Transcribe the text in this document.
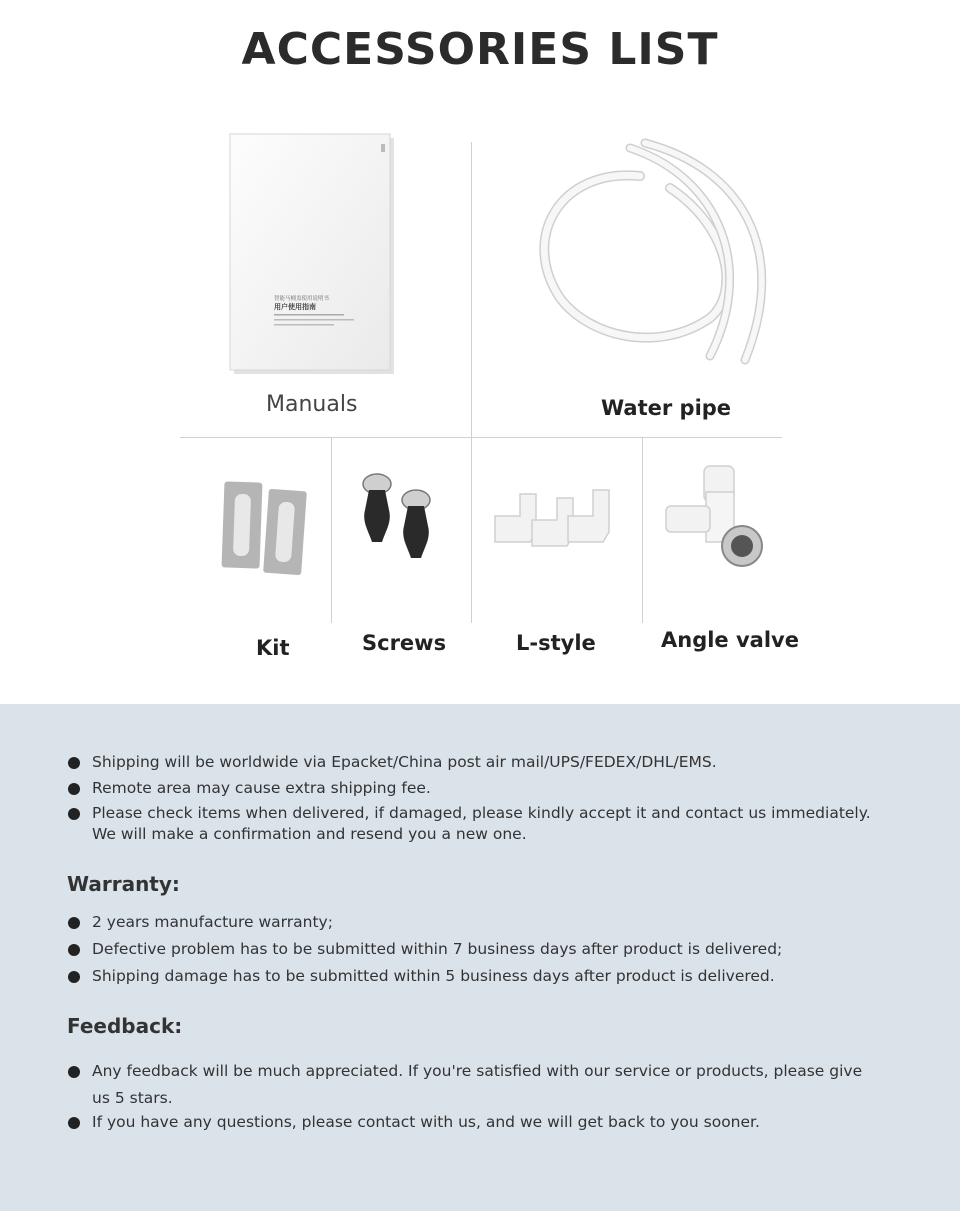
ACCESSORIES LIST
智能马桶盖使用说明书
用户使用指南
Manuals	Water pipe
Kit	Screws	L-style	Angle valve
Shipping will be worldwide via Epacket/China post air mail/UPS/FEDEX/DHL/EMS.
Remote area may cause extra shipping fee.
Please check items when delivered, if damaged, please kindly accept it and contact us immediately.
We will make a confirmation and resend you a new one.
Warranty:
2 years manufacture warranty;
Defective problem has to be submitted within 7 business days after product is delivered;
Shipping damage has to be submitted within 5 business days after product is delivered.
Feedback:
Any feedback will be much appreciated. If you're satisfied with our service or products, please give
us 5 stars.
If you have any questions, please contact with us, and we will get back to you sooner.
